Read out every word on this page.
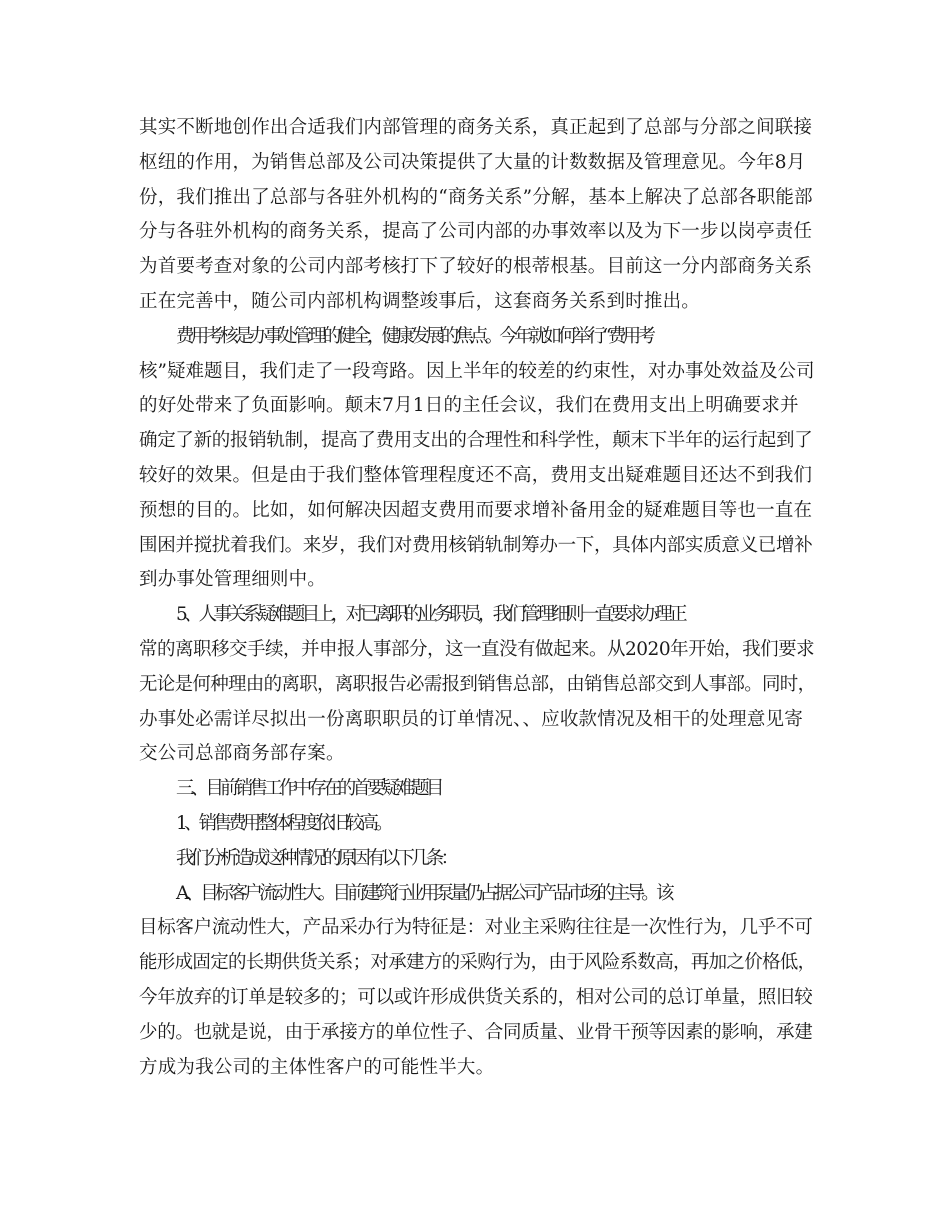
其实不断地创作出合适我们内部管理的商务关系，真正起到了总部与分部之间联接
枢纽的作用，为销售总部及公司决策提供了大量的计数数据及管理意见。今年8月
份，我们推出了总部与各驻外机构的“商务关系”分解，基本上解决了总部各职能部
分与各驻外机构的商务关系，提高了公司内部的办事效率以及为下一步以岗亭责任
为首要考查对象的公司内部考核打下了较好的根蒂根基。目前这一分内部商务关系
正在完善中，随公司内部机构调整竣事后，这套商务关系到时推出。

费用考核是办事处管理的健全，健康发展的焦点。今年就如何举行“费用考
核”疑难题目，我们走了一段弯路。因上半年的较差的约束性，对办事处效益及公司
的好处带来了负面影响。颠末7月1日的主任会议，我们在费用支出上明确要求并
确定了新的报销轨制，提高了费用支出的合理性和科学性，颠末下半年的运行起到了
较好的效果。但是由于我们整体管理程度还不高，费用支出疑难题目还达不到我们
预想的目的。比如，如何解决因超支费用而要求增补备用金的疑难题目等也一直在
围困并搅扰着我们。来岁，我们对费用核销轨制筹办一下，具体内部实质意义已增补
到办事处管理细则中。

5、人事关系疑难题目上，对已离职的业务职员，我们管理细则一直要求办理正
常的离职移交手续，并申报人事部分，这一直没有做起来。从2020年开始，我们要求
无论是何种理由的离职，离职报告必需报到销售总部，由销售总部交到人事部。同时，
办事处必需详尽拟出一份离职职员的订单情况、、应收款情况及相干的处理意见寄
交公司总部商务部存案。

三、目前销售工作中存在的首要疑难题目

1、销售费用整体程度依旧较高。

我们分析造成这种情况的原因有以下几条：

A、目标客户流动性大。目前建筑行业用泵量仍占据公司产品市场的主导。该
目标客户流动性大，产品采办行为特征是：对业主采购往往是一次性行为，几乎不可
能形成固定的长期供货关系；对承建方的采购行为，由于风险系数高，再加之价格低，
今年放弃的订单是较多的；可以或许形成供货关系的，相对公司的总订单量，照旧较
少的。也就是说，由于承接方的单位性子、合同质量、业骨干预等因素的影响，承建
方成为我公司的主体性客户的可能性半大。
